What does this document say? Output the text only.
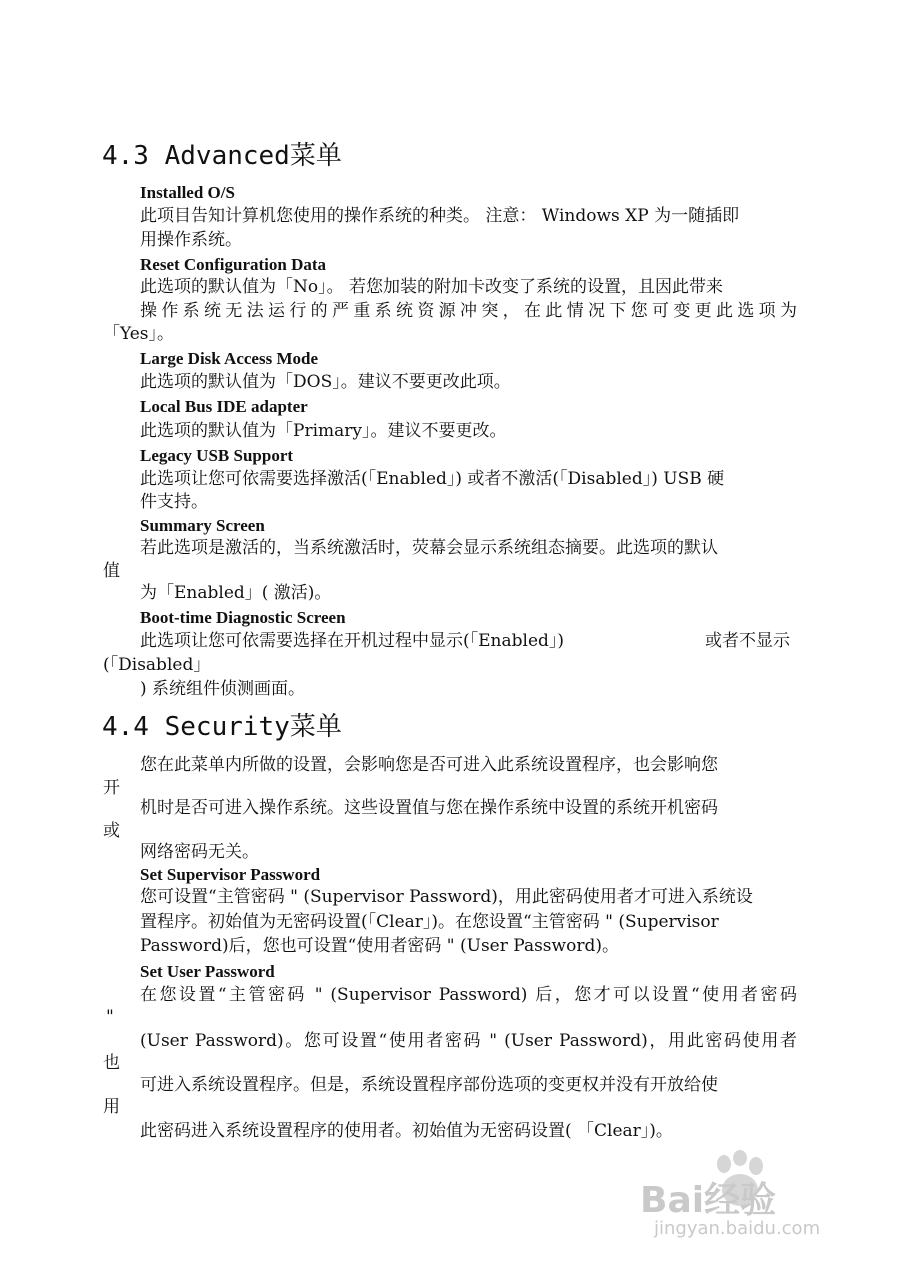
4.3 Advanced菜单
Installed O/S
此项目告知计算机您使用的操作系统的种类。 注意： Windows XP 为一随插即
用操作系统。
Reset Configuration Data
此选项的默认值为「No」。 若您加装的附加卡改变了系统的设置，且因此带来
操作系统无法运行的严重系统资源冲突，在此情况下您可变更此选项为
「Yes」。
Large Disk Access Mode
此选项的默认值为「DOS」。建议不要更改此项。
Local Bus IDE adapter
此选项的默认值为「Primary」。建议不要更改。
Legacy USB Support
此选项让您可依需要选择激活(「Enabled」) 或者不激活(「Disabled」) USB 硬
件支持。
Summary Screen
若此选项是激活的，当系统激活时，荧幕会显示系统组态摘要。此选项的默认
值
为「Enabled」( 激活)。
Boot-time Diagnostic Screen
此选项让您可依需要选择在开机过程中显示(「Enabled」)	或者不显示
(「Disabled」
) 系统组件侦测画面。
4.4 Security菜单
您在此菜单内所做的设置，会影响您是否可进入此系统设置程序，也会影响您
开
机时是否可进入操作系统。这些设置值与您在操作系统中设置的系统开机密码
或
网络密码无关。
Set Supervisor Password
您可设置“主管密码 " (Supervisor Password)，用此密码使用者才可进入系统设
置程序。初始值为无密码设置(「Clear」)。在您设置“主管密码 " (Supervisor
Password)后，您也可设置“使用者密码 " (User Password)。
Set User Password
在您设置“主管密码 " (Supervisor Password) 后，您才可以设置“使用者密码
"
(User Password)。您可设置“使用者密码 " (User Password)，用此密码使用者
也
可进入系统设置程序。但是，系统设置程序部份选项的变更权并没有开放给使
用
此密码进入系统设置程序的使用者。初始值为无密码设置( 「Clear」)。
Bai经验
jingyan.baidu.com
